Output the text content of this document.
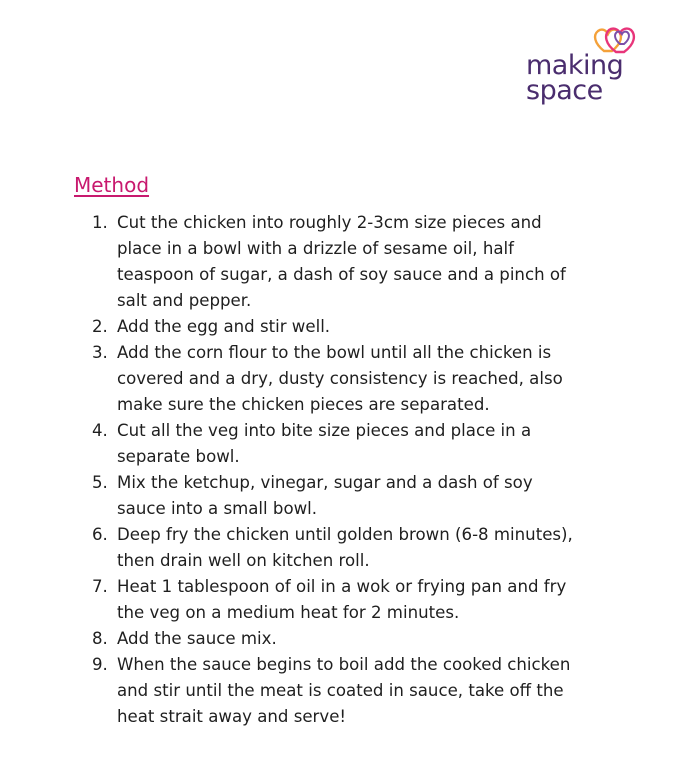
making
space
Method
1. Cut the chicken into roughly 2-3cm size pieces and
place in a bowl with a drizzle of sesame oil, half
teaspoon of sugar, a dash of soy sauce and a pinch of
salt and pepper.
2. Add the egg and stir well.
3. Add the corn flour to the bowl until all the chicken is
covered and a dry, dusty consistency is reached, also
make sure the chicken pieces are separated.
4. Cut all the veg into bite size pieces and place in a
separate bowl.
5. Mix the ketchup, vinegar, sugar and a dash of soy
sauce into a small bowl.
6. Deep fry the chicken until golden brown (6-8 minutes),
then drain well on kitchen roll.
7. Heat 1 tablespoon of oil in a wok or frying pan and fry
the veg on a medium heat for 2 minutes.
8. Add the sauce mix.
9. When the sauce begins to boil add the cooked chicken
and stir until the meat is coated in sauce, take off the
heat strait away and serve!
